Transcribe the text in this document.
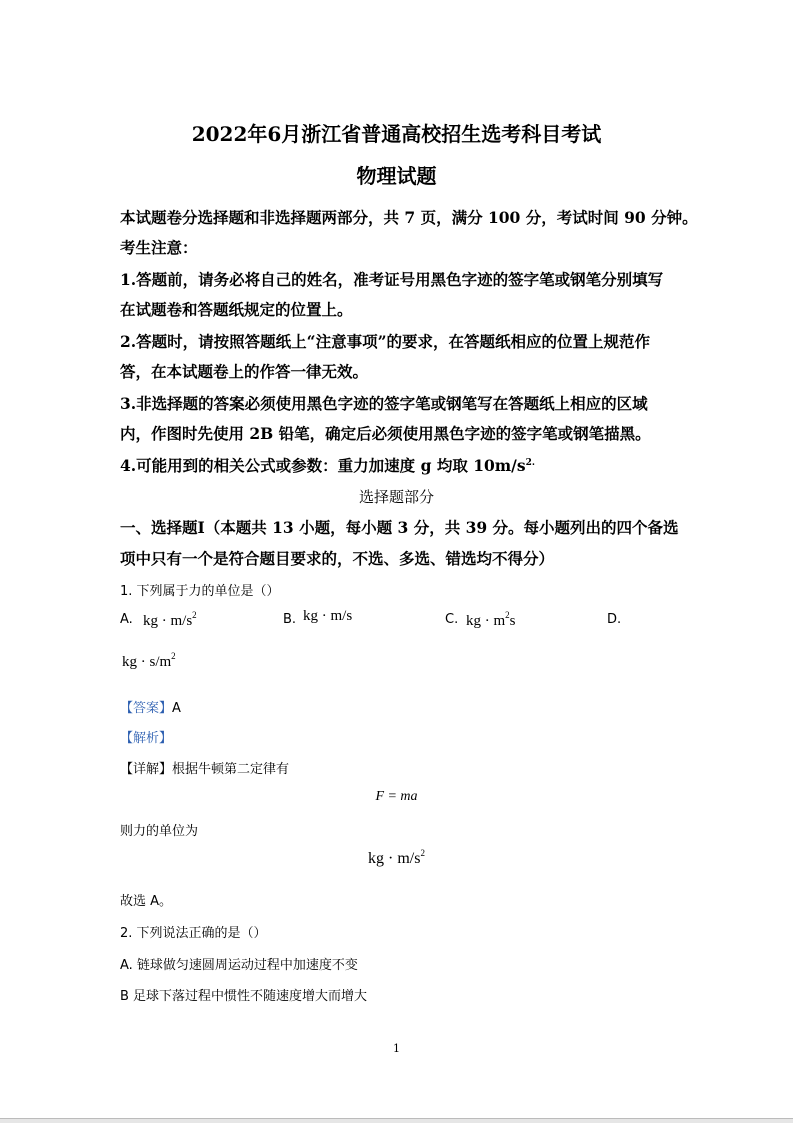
2022年6月浙江省普通高校招生选考科目考试
物理试题
本试题卷分选择题和非选择题两部分，共 7 页，满分 100 分，考试时间 90 分钟。
考生注意：
1.答题前，请务必将自己的姓名，准考证号用黑色字迹的签字笔或钢笔分别填写
在试题卷和答题纸规定的位置上。
2.答题时，请按照答题纸上“注意事项”的要求，在答题纸相应的位置上规范作
答，在本试题卷上的作答一律无效。
3.非选择题的答案必须使用黑色字迹的签字笔或钢笔写在答题纸上相应的区域
内，作图时先使用 2B 铅笔，确定后必须使用黑色字迹的签字笔或钢笔描黑。
4.可能用到的相关公式或参数：重力加速度 g 均取 $10m/s^{2.}$
选择题部分
一、选择题Ⅰ（本题共 13 小题，每小题 3 分，共 39 分。每小题列出的四个备选
项中只有一个是符合题目要求的，不选、多选、错选均不得分）
1. 下列属于力的单位是（）
A. kg · $m/s^2$	B. kg · m/s	C. kg · $m^2s$	D.
kg · $s/m^2$
【答案】A
【解析】
【详解】根据牛顿第二定律有
F = ma
则力的单位为
kg · $m/s^2$
故选 A。
2. 下列说法正确的是（）
A. 链球做匀速圆周运动过程中加速度不变
B 足球下落过程中惯性不随速度增大而增大
1
